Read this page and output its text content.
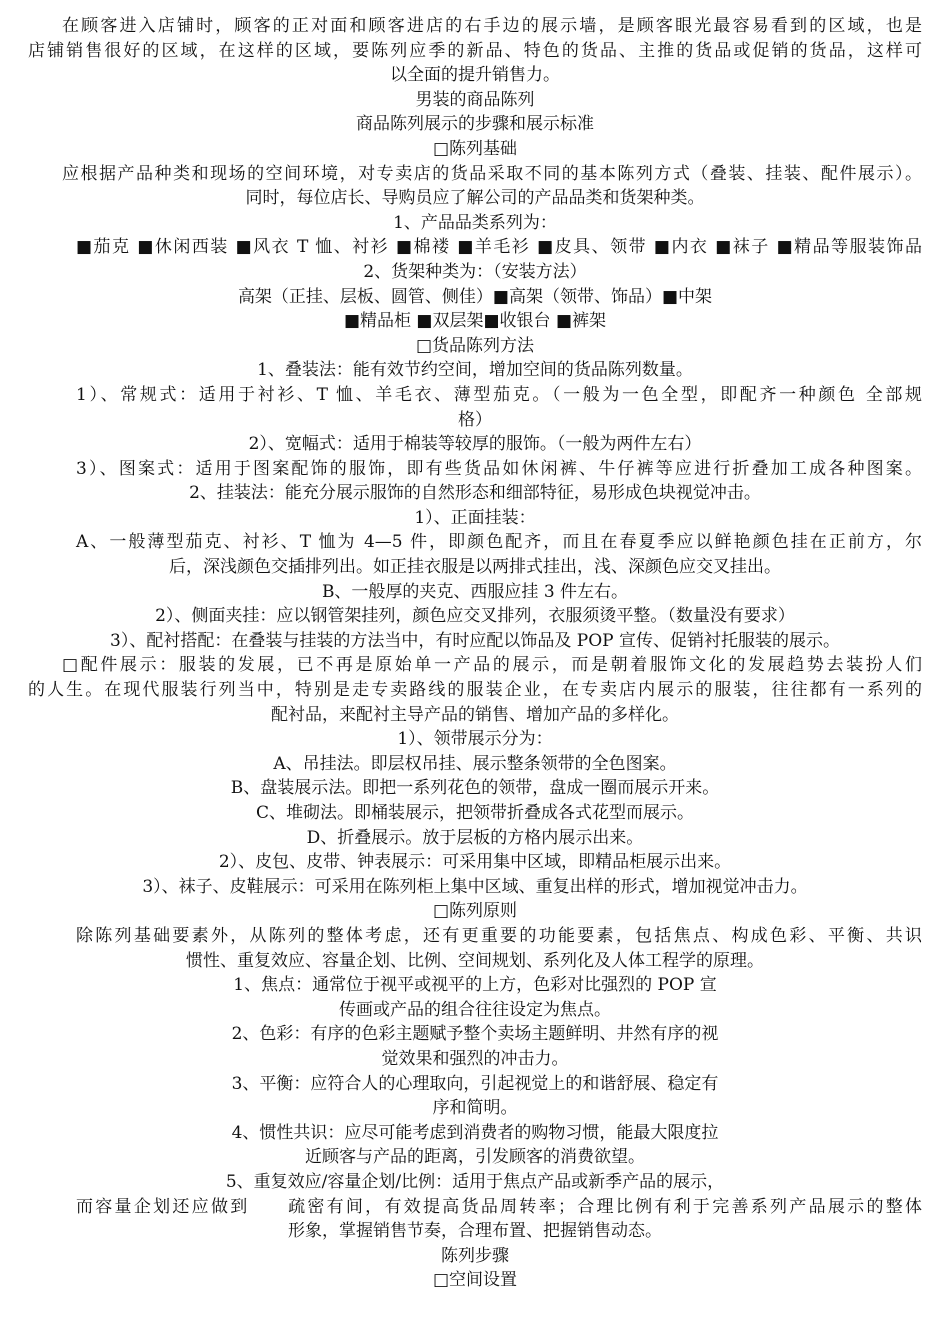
在顾客进入店铺时，顾客的正对面和顾客进店的右手边的展示墙，是顾客眼光最容易看到的区域，也是
店铺销售很好的区域，在这样的区域，要陈列应季的新品、特色的货品、主推的货品或促销的货品，这样可
以全面的提升销售力。
男装的商品陈列
商品陈列展示的步骤和展示标准
□陈列基础
应根据产品种类和现场的空间环境，对专卖店的货品采取不同的基本陈列方式（叠装、挂装、配件展示）。
同时，每位店长、导购员应了解公司的产品品类和货架种类。
1、产品品类系列为：
■茄克 ■休闲西装 ■风衣 T 恤、衬衫 ■棉褛 ■羊毛衫 ■皮具、领带 ■内衣 ■袜子 ■精品等服装饰品
2、货架种类为：（安装方法）
高架（正挂、层板、圆管、侧佳）■高架（领带、饰品）■中架
■精品柜 ■双层架■收银台 ■裤架
□货品陈列方法
1、叠装法：能有效节约空间，增加空间的货品陈列数量。
1）、常规式：适用于衬衫、T 恤、羊毛衣、薄型茄克。（一般为一色全型，即配齐一种颜色 全部规
格）
2）、宽幅式：适用于棉装等较厚的服饰。（一般为两件左右）
3）、图案式：适用于图案配饰的服饰，即有些货品如休闲裤、牛仔裤等应进行折叠加工成各种图案。
2、挂装法：能充分展示服饰的自然形态和细部特征，易形成色块视觉冲击。
1）、正面挂装：
A、一般薄型茄克、衬衫、T 恤为 4—5 件，即颜色配齐，而且在春夏季应以鲜艳颜色挂在正前方，尔
后，深浅颜色交插排列出。如正挂衣服是以两排式挂出，浅、深颜色应交叉挂出。
B、一般厚的夹克、西服应挂 3 件左右。
2）、侧面夹挂：应以钢管架挂列，颜色应交叉排列，衣服须烫平整。（数量没有要求）
3）、配衬搭配：在叠装与挂装的方法当中，有时应配以饰品及 POP 宣传、促销衬托服装的展示。
□配件展示：服装的发展，已不再是原始单一产品的展示，而是朝着服饰文化的发展趋势去装扮人们
的人生。在现代服装行列当中，特别是走专卖路线的服装企业，在专卖店内展示的服装，往往都有一系列的
配衬品，来配衬主导产品的销售、增加产品的多样化。
1）、领带展示分为：
A、吊挂法。即层权吊挂、展示整条领带的全色图案。
B、盘装展示法。即把一系列花色的领带，盘成一圈而展示开来。
C、堆砌法。即桶装展示，把领带折叠成各式花型而展示。
D、折叠展示。放于层板的方格内展示出来。
2）、皮包、皮带、钟表展示：可采用集中区域，即精品柜展示出来。
3）、袜子、皮鞋展示：可采用在陈列柜上集中区域、重复出样的形式，增加视觉冲击力。
□陈列原则
除陈列基础要素外，从陈列的整体考虑，还有更重要的功能要素，包括焦点、构成色彩、平衡、共识
惯性、重复效应、容量企划、比例、空间规划、系列化及人体工程学的原理。
1、焦点：通常位于视平或视平的上方，色彩对比强烈的 POP 宣
传画或产品的组合往往设定为焦点。
2、色彩：有序的色彩主题赋予整个卖场主题鲜明、井然有序的视
觉效果和强烈的冲击力。
3、平衡：应符合人的心理取向，引起视觉上的和谐舒展、稳定有
序和简明。
4、惯性共识：应尽可能考虑到消费者的购物习惯，能最大限度拉
近顾客与产品的距离，引发顾客的消费欲望。
5、重复效应/容量企划/比例：适用于焦点产品或新季产品的展示，
而容量企划还应做到　　疏密有间，有效提高货品周转率；合理比例有利于完善系列产品展示的整体
形象，掌握销售节奏，合理布置、把握销售动态。
陈列步骤
□空间设置
